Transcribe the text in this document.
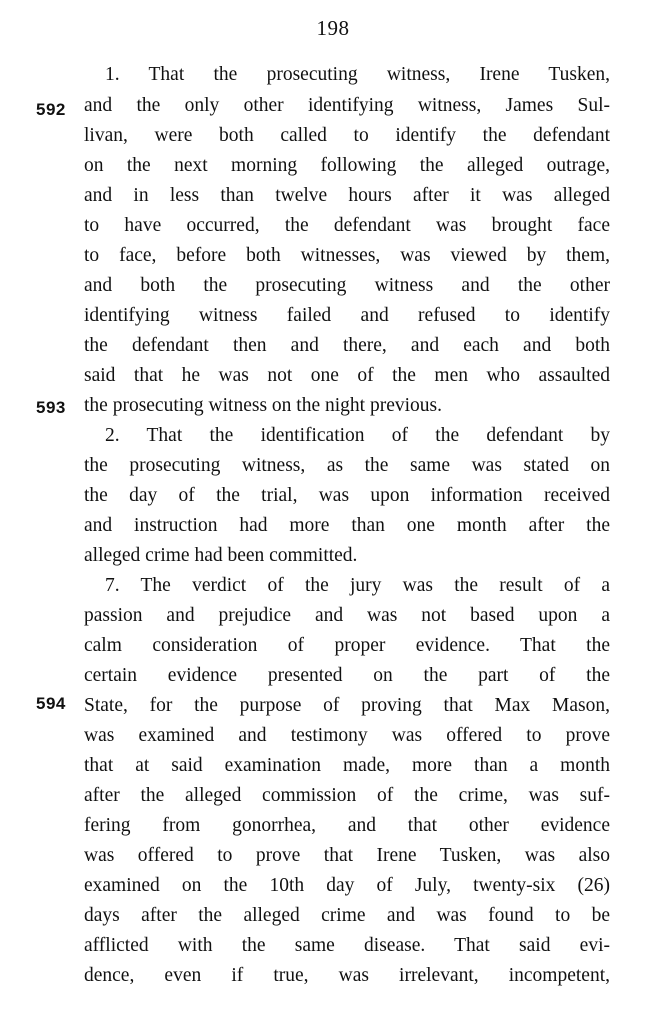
198
592
593
594
1. That the prosecuting witness, Irene Tusken,
and the only other identifying witness, James Sul-
livan, were both called to identify the defendant
on the next morning following the alleged outrage,
and in less than twelve hours after it was alleged
to have occurred, the defendant was brought face
to face, before both witnesses, was viewed by them,
and both the prosecuting witness and the other
identifying witness failed and refused to identify
the defendant then and there, and each and both
said that he was not one of the men who assaulted
the prosecuting witness on the night previous.
2. That the identification of the defendant by
the prosecuting witness, as the same was stated on
the day of the trial, was upon information received
and instruction had more than one month after the
alleged crime had been committed.
7. The verdict of the jury was the result of a
passion and prejudice and was not based upon a
calm consideration of proper evidence. That the
certain evidence presented on the part of the
State, for the purpose of proving that Max Mason,
was examined and testimony was offered to prove
that at said examination made, more than a month
after the alleged commission of the crime, was suf-
fering from gonorrhea, and that other evidence
was offered to prove that Irene Tusken, was also
examined on the 10th day of July, twenty-six (26)
days after the alleged crime and was found to be
afflicted with the same disease. That said evi-
dence, even if true, was irrelevant, incompetent,
